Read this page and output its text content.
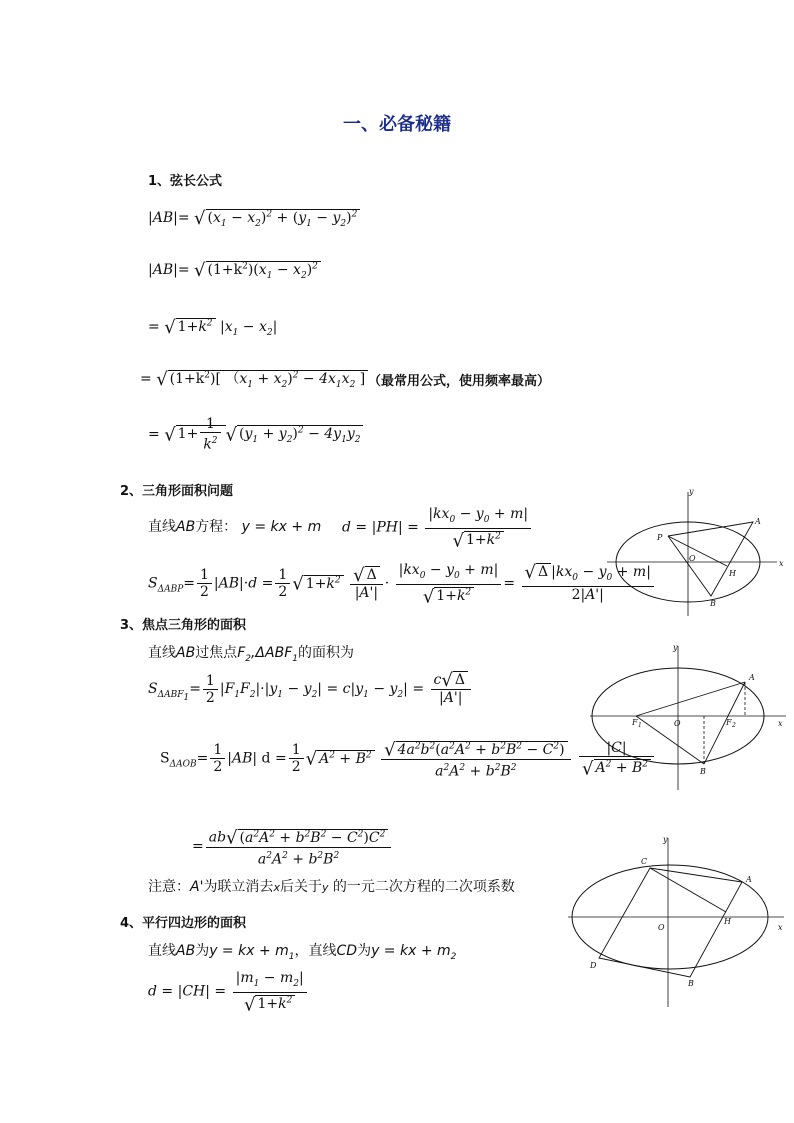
一、必备秘籍
1、弦长公式
|AB|= √ $(x_1 - x_2)^2 + (y_1 - y_2)^2$
|AB|= √ $(1+k^2)(x_1 - x_2)^2$
= √ $1+k^2$ $|x_1 - x_2|$
= √ $(1+k^2)$[ $(x_1 + x_2)^2 - 4x_1x_2$ ] （最常用公式，使用频率最高）
= √ $1+ \frac{1}{k^2}$ √ $(y_1 + y_2)^2 - 4y_1y_2$
2、三角形面积问题
直线AB方程： y = kx + m $d = |PH| = \frac{|kx_0 - y_0 + m|}{√ 1+k^2}$
$S_{\Delta ABP}= \frac{1}{2} |AB|\cdot d = \frac{1}{2}$ √ $1+k^2 \frac{√ \Delta}{|A'|} \cdot \frac{|kx_0 - y_0 + m|}{√ 1+k^2} = \frac{√ \Delta |kx_0 - y_0 + m|}{2|A'|}$
y
x
O
A
B
P
H
3、焦点三角形的面积
直线AB过焦点$F_2,\Delta ABF_1$的面积为
$S_{\Delta ABF_1}= \frac{1}{2} |F_1F_2|\cdot|y_1 - y_2| = c|y_1 - y_2| = \frac{c√ \Delta}{|A'|}$
$S_{\Delta AOB}= \frac{1}{2} |AB|$ $d = \frac{1}{2}$ √ $A^2 + B^2 \frac{√ 4a^2b^2(a^2A^2 + b^2B^2 - C^2)}{a^2A^2 + b^2B^2}$
$\frac{|C|}{√ A^2 + B^2}$
= $\frac{ab√ (a^2A^2 + b^2B^2 - C^2)C^2}{a^2A^2 + b^2B^2}$
注意：A'为联立消去x后关于y 的一元二次方程的二次项系数
y
x
O
A
B
F 1	F 2
4、平行四边形的面积
直线AB为y = kx + $m_1$，直线CD为y = kx + $m_2$
$d = |CH| = \frac{|m_1 - m_2|}{√ 1+k^2}$
y
x
O
A
B
C
D
H
